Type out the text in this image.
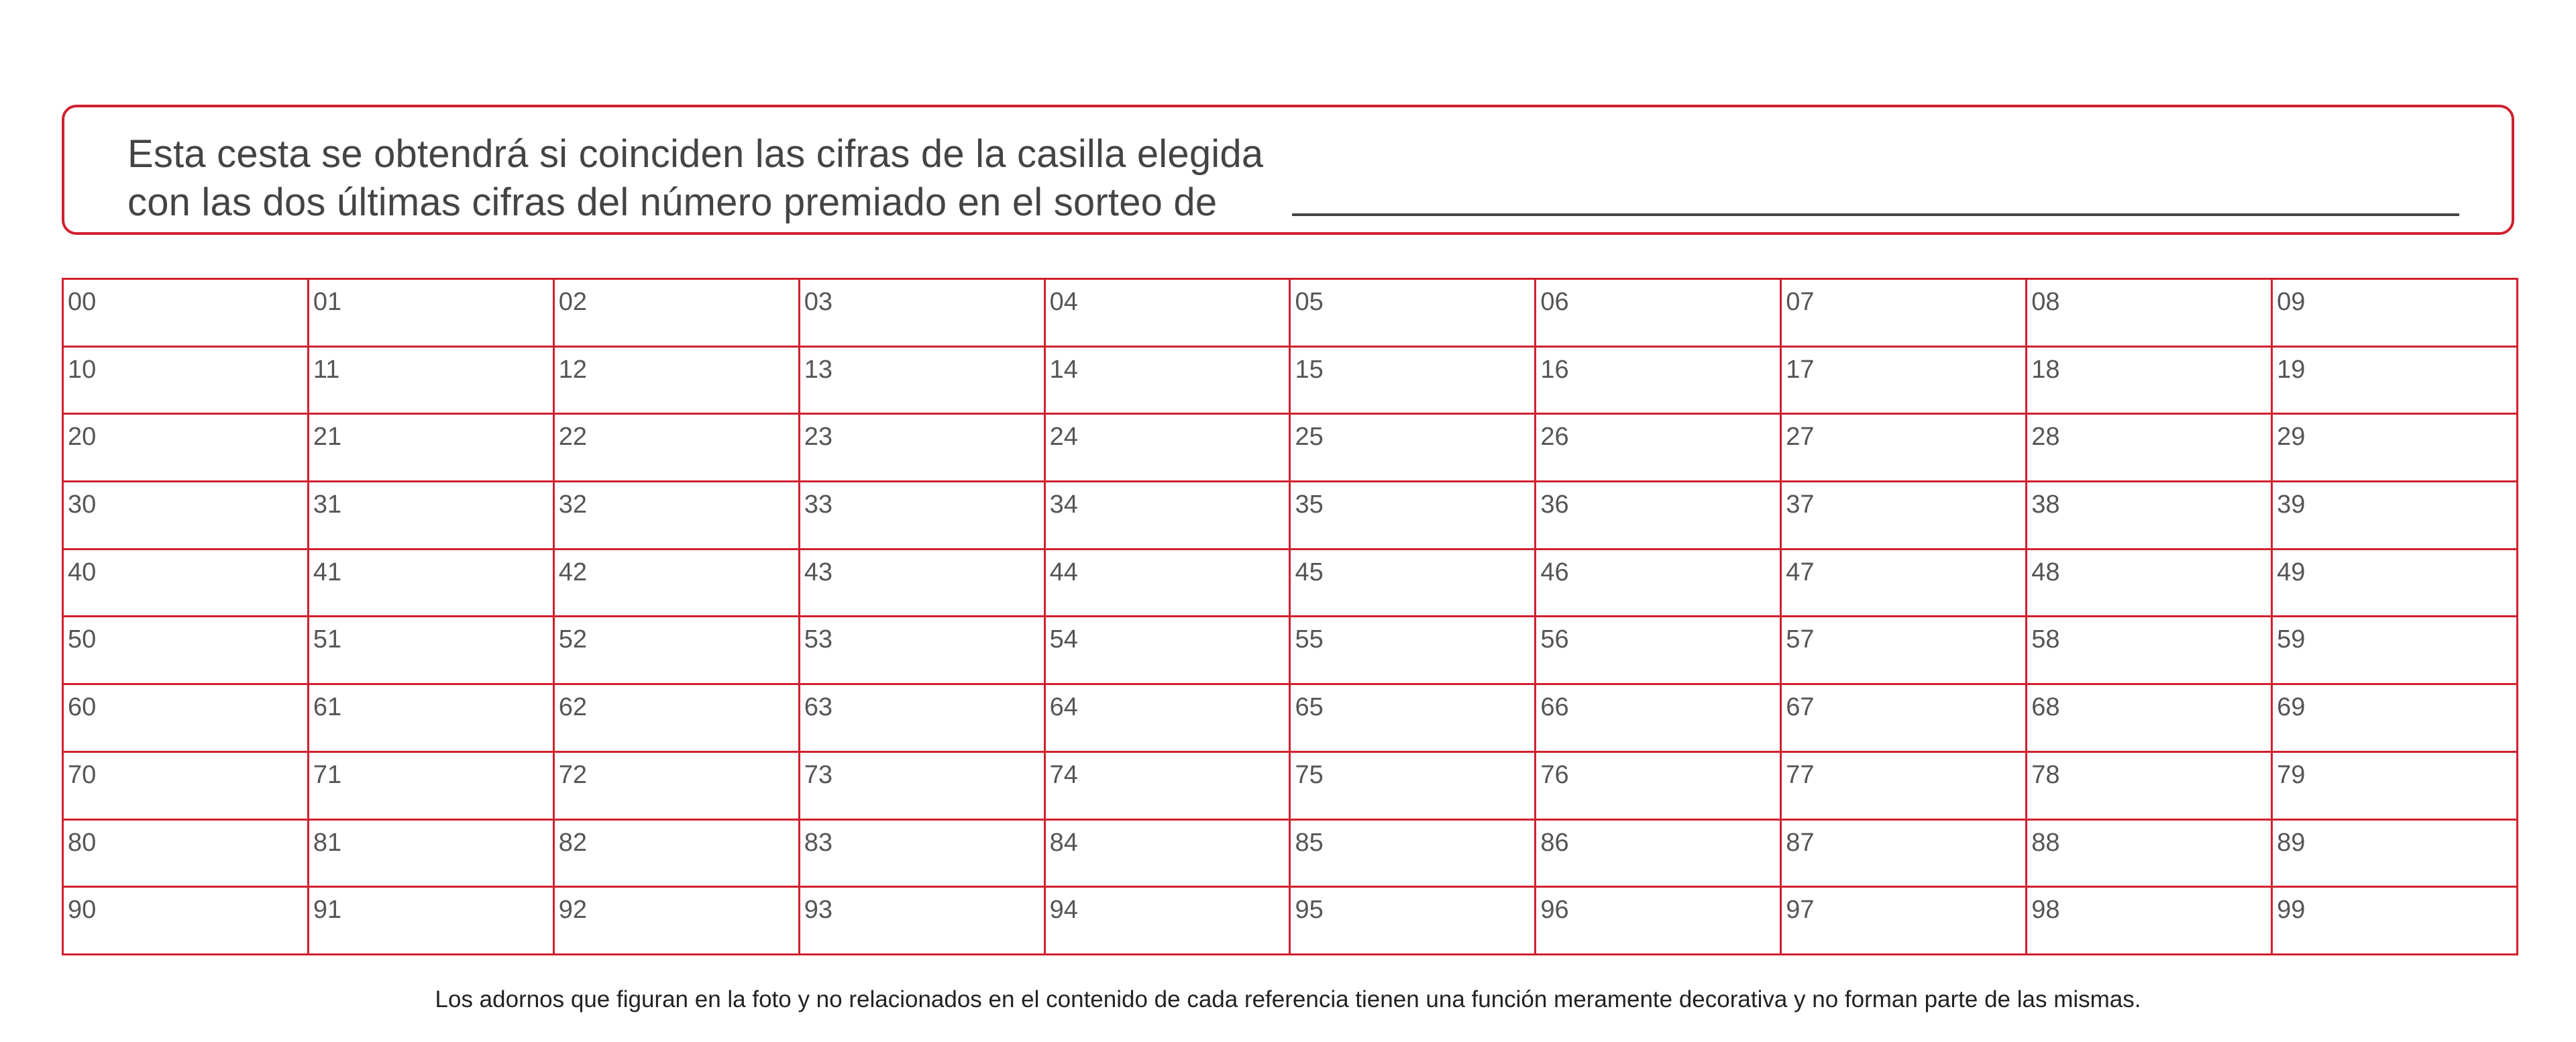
Esta cesta se obtendrá si coinciden las cifras de la casilla elegida
con las dos últimas cifras del número premiado en el sorteo de
00	01	02	03	04	05	06	07	08	09
10	11	12	13	14	15	16	17	18	19
20	21	22	23	24	25	26	27	28	29
30	31	32	33	34	35	36	37	38	39
40	41	42	43	44	45	46	47	48	49
50	51	52	53	54	55	56	57	58	59
60	61	62	63	64	65	66	67	68	69
70	71	72	73	74	75	76	77	78	79
80	81	82	83	84	85	86	87	88	89
90	91	92	93	94	95	96	97	98	99
Los adornos que figuran en la foto y no relacionados en el contenido de cada referencia tienen una función meramente decorativa y no forman parte de las mismas.
